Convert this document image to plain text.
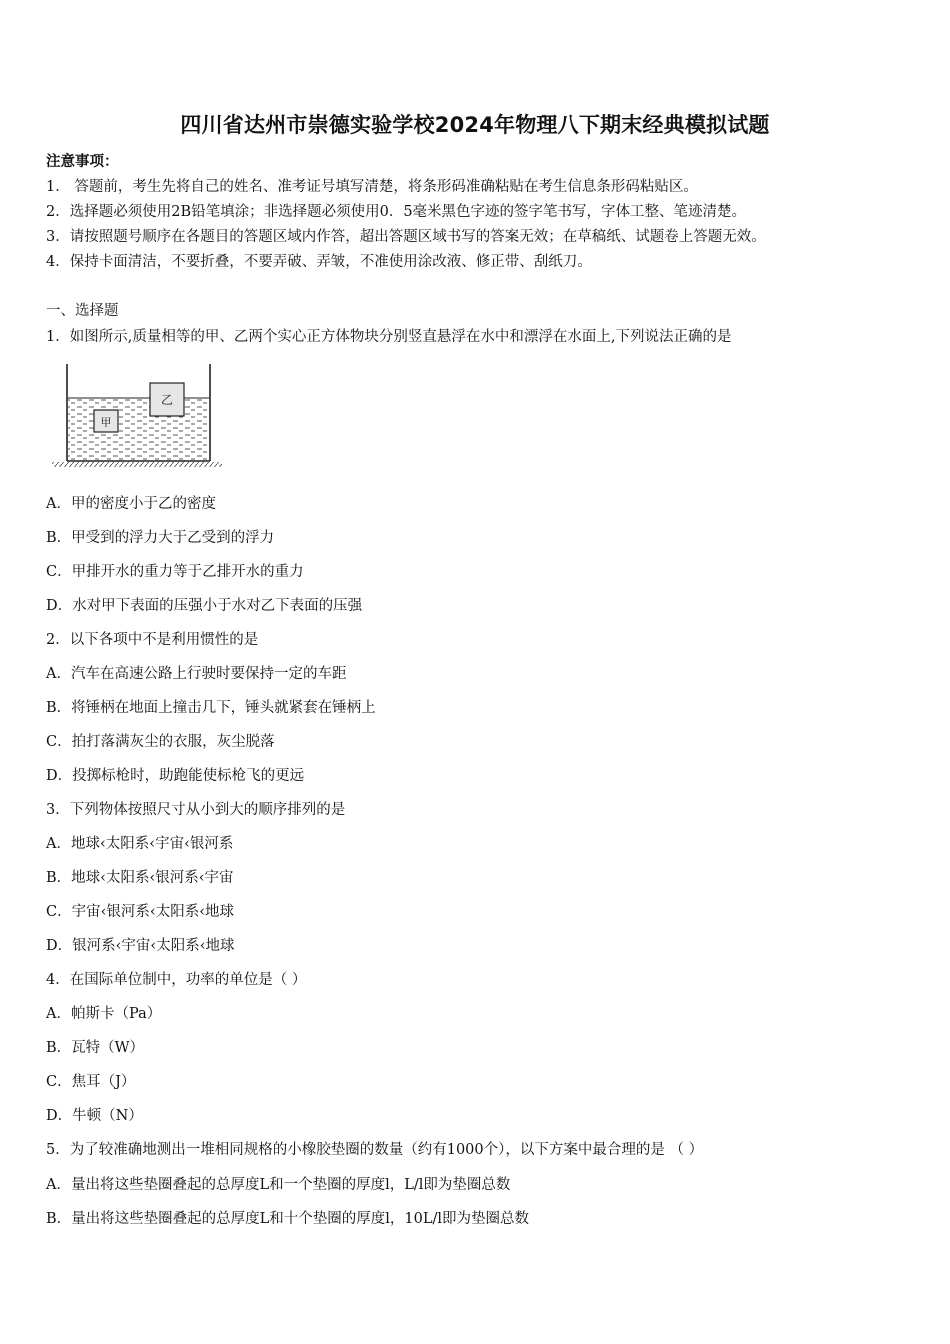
四川省达州市崇德实验学校2024年物理八下期末经典模拟试题
注意事项：
1． 答题前，考生先将自己的姓名、准考证号填写清楚，将条形码准确粘贴在考生信息条形码粘贴区。
2．选择题必须使用2B铅笔填涂；非选择题必须使用0．5毫米黑色字迹的签字笔书写，字体工整、笔迹清楚。
3．请按照题号顺序在各题目的答题区域内作答，超出答题区域书写的答案无效；在草稿纸、试题卷上答题无效。
4．保持卡面清洁，不要折叠，不要弄破、弄皱，不准使用涂改液、修正带、刮纸刀。
一、选择题
1．如图所示,质量相等的甲、乙两个实心正方体物块分别竖直悬浮在水中和漂浮在水面上,下列说法正确的是
甲
乙
A．甲的密度小于乙的密度
B．甲受到的浮力大于乙受到的浮力
C．甲排开水的重力等于乙排开水的重力
D．水对甲下表面的压强小于水对乙下表面的压强
2．以下各项中不是利用惯性的是
A．汽车在高速公路上行驶时要保持一定的车距
B．将锤柄在地面上撞击几下，锤头就紧套在锤柄上
C．拍打落满灰尘的衣服，灰尘脱落
D．投掷标枪时，助跑能使标枪飞的更远
3．下列物体按照尺寸从小到大的顺序排列的是
A．地球‹太阳系‹宇宙‹银河系
B．地球‹太阳系‹银河系‹宇宙
C．宇宙‹银河系‹太阳系‹地球
D．银河系‹宇宙‹太阳系‹地球
4．在国际单位制中，功率的单位是（ ）
A．帕斯卡（Pa）
B．瓦特（W）
C．焦耳（J）
D．牛顿（N）
5．为了较准确地测出一堆相同规格的小橡胶垫圈的数量（约有1000个），以下方案中最合理的是 （ ）
A．量出将这些垫圈叠起的总厚度L和一个垫圈的厚度l，L/l即为垫圈总数
B．量出将这些垫圈叠起的总厚度L和十个垫圈的厚度l，10L/l即为垫圈总数
